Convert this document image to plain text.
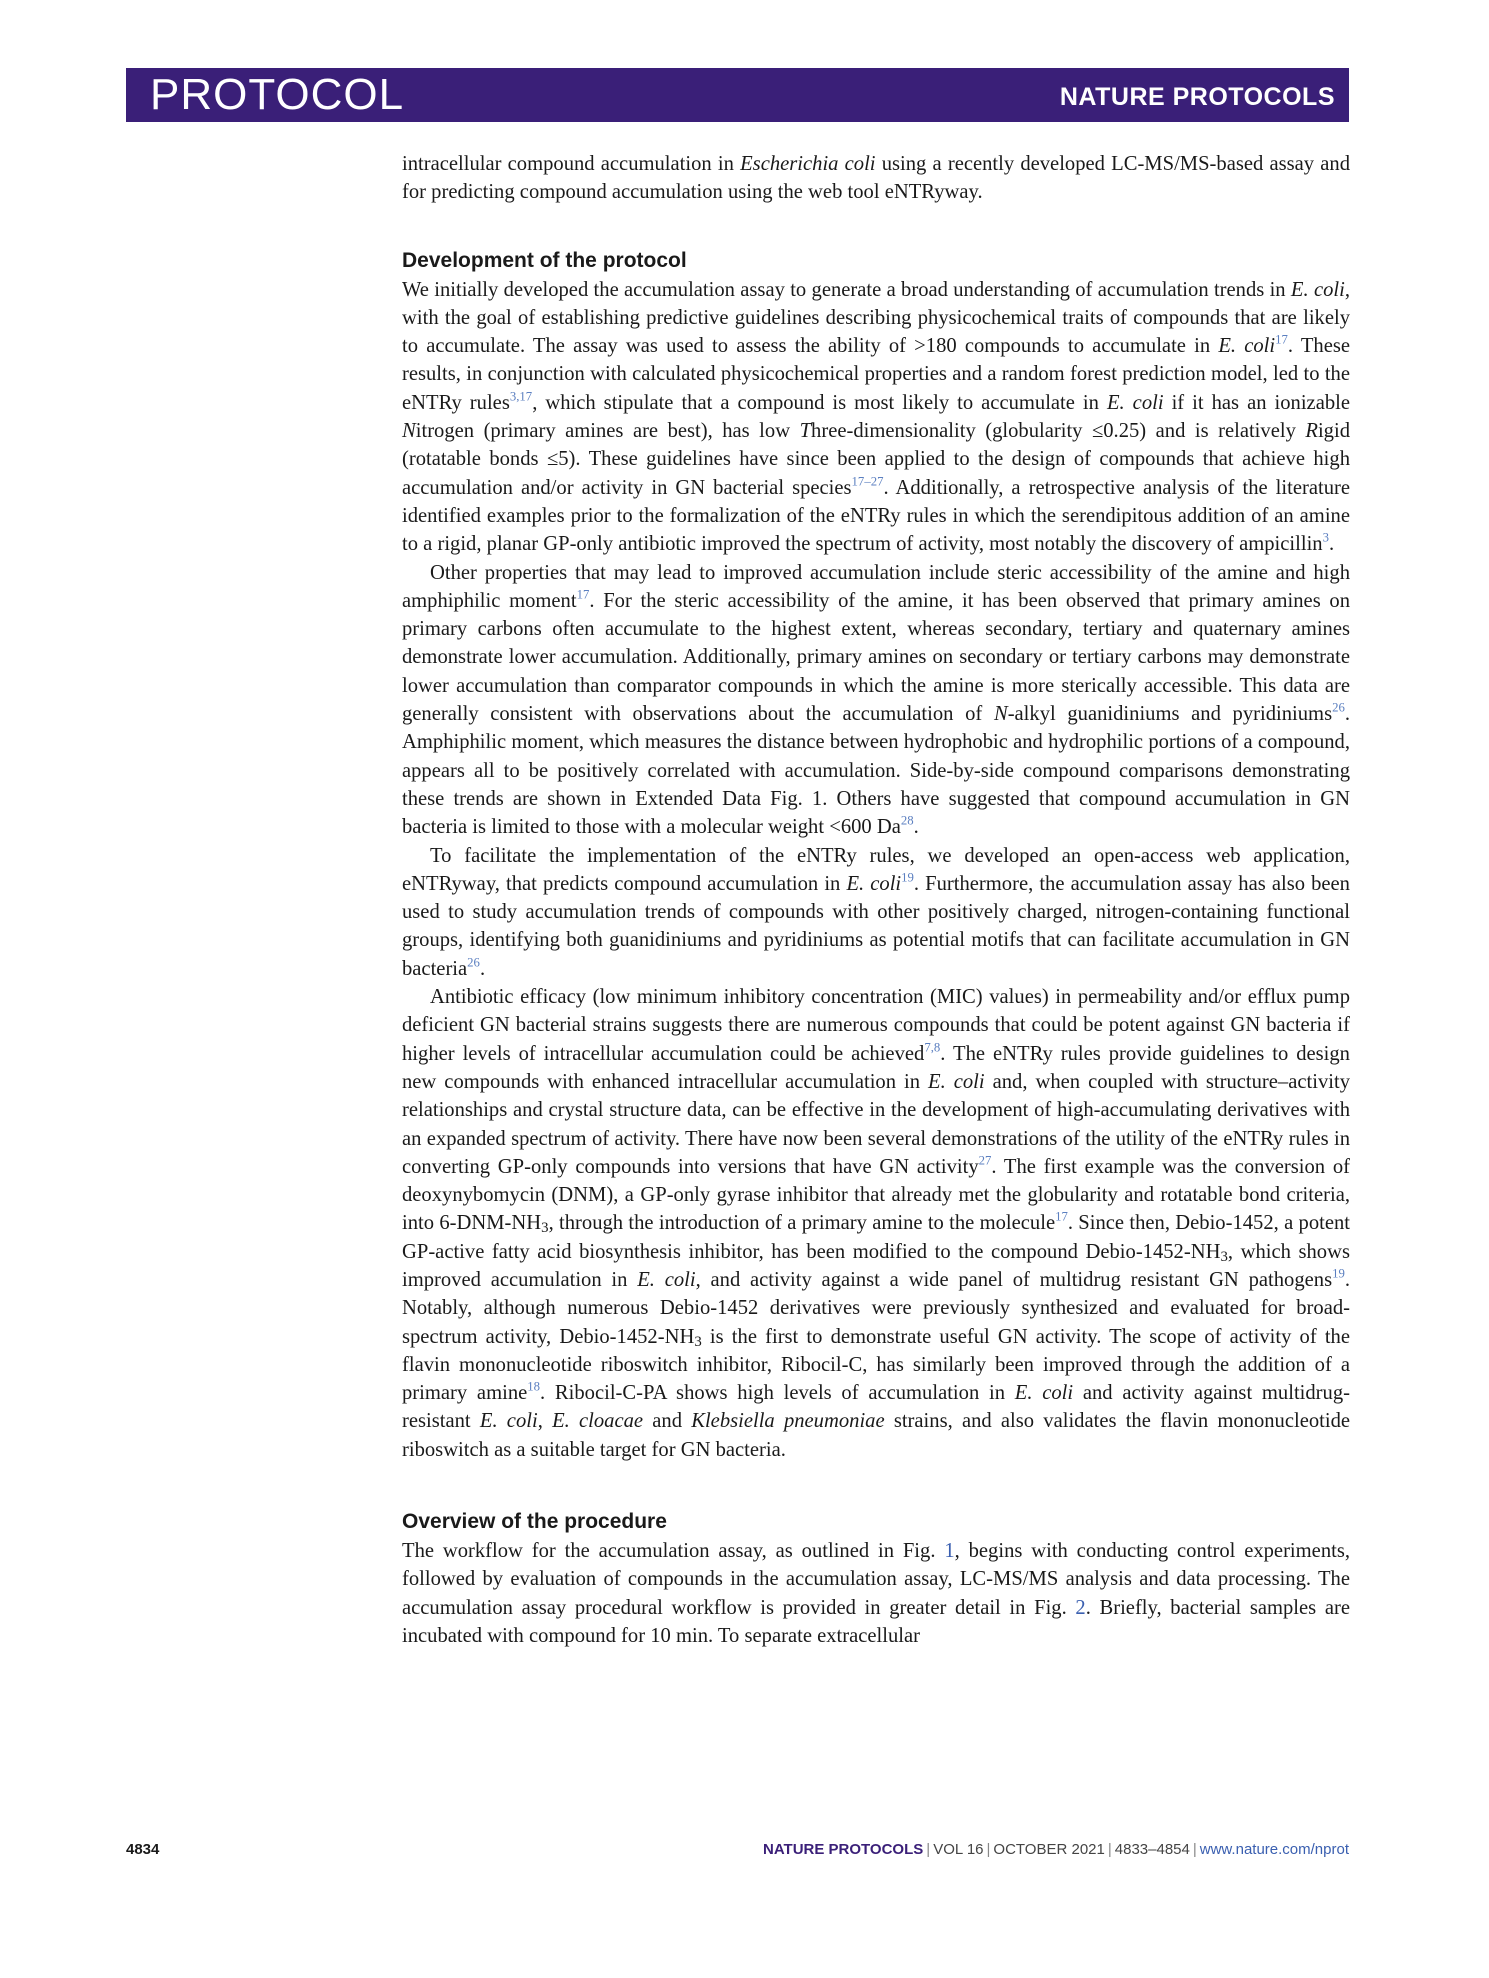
PROTOCOL	NATURE PROTOCOLS

intracellular compound accumulation in Escherichia coli using a recently developed LC-MS/MS-based assay and for predicting compound accumulation using the web tool eNTRyway.

Development of the protocol

We initially developed the accumulation assay to generate a broad understanding of accumulation trends in E. coli, with the goal of establishing predictive guidelines describing physicochemical traits of compounds that are likely to accumulate. The assay was used to assess the ability of >180 compounds to accumulate in E. coli$^{17}$. These results, in conjunction with calculated physicochemical properties and a random forest prediction model, led to the eNTRy rules$^{3,17}$, which stipulate that a compound is most likely to accumulate in E. coli if it has an ionizable Nitrogen (primary amines are best), has low Three-dimensionality (globularity ≤0.25) and is relatively Rigid (rotatable bonds ≤5). These guidelines have since been applied to the design of compounds that achieve high accumulation and/or activity in GN bacterial species$^{17-27}$. Additionally, a retrospective analysis of the literature identified examples prior to the formalization of the eNTRy rules in which the serendipitous addition of an amine to a rigid, planar GP-only antibiotic improved the spectrum of activity, most notably the discovery of ampicillin$^3$.

Other properties that may lead to improved accumulation include steric accessibility of the amine and high amphiphilic moment$^{17}$. For the steric accessibility of the amine, it has been observed that primary amines on primary carbons often accumulate to the highest extent, whereas secondary, tertiary and quaternary amines demonstrate lower accumulation. Additionally, primary amines on secondary or tertiary carbons may demonstrate lower accumulation than comparator compounds in which the amine is more sterically accessible. This data are generally consistent with observations about the accumulation of N-alkyl guanidiniums and pyridiniums$^{26}$. Amphiphilic moment, which measures the distance between hydrophobic and hydrophilic portions of a compound, appears all to be positively correlated with accumulation. Side-by-side compound comparisons demonstrating these trends are shown in Extended Data Fig. 1. Others have suggested that compound accumulation in GN bacteria is limited to those with a molecular weight <600 Da$^{28}$.

To facilitate the implementation of the eNTRy rules, we developed an open-access web application, eNTRyway, that predicts compound accumulation in E. coli$^{19}$. Furthermore, the accumulation assay has also been used to study accumulation trends of compounds with other positively charged, nitrogen-containing functional groups, identifying both guanidiniums and pyridiniums as potential motifs that can facilitate accumulation in GN bacteria$^{26}$.

Antibiotic efficacy (low minimum inhibitory concentration (MIC) values) in permeability and/or efflux pump deficient GN bacterial strains suggests there are numerous compounds that could be potent against GN bacteria if higher levels of intracellular accumulation could be achieved$^{7,8}$. The eNTRy rules provide guidelines to design new compounds with enhanced intracellular accumulation in E. coli and, when coupled with structure–activity relationships and crystal structure data, can be effective in the development of high-accumulating derivatives with an expanded spectrum of activity. There have now been several demonstrations of the utility of the eNTRy rules in converting GP-only compounds into versions that have GN activity$^{27}$. The first example was the conversion of deoxynybomycin (DNM), a GP-only gyrase inhibitor that already met the globularity and rotatable bond criteria, into $6-DNM-NH_3$, through the introduction of a primary amine to the molecule$^{17}$. Since then, Debio-1452, a potent GP-active fatty acid biosynthesis inhibitor, has been modified to the compound Debio-$1452-NH_3$, which shows improved accumulation in E. coli, and activity against a wide panel of multidrug resistant GN pathogens$^{19}$. Notably, although numerous Debio-1452 derivatives were previously synthesized and evaluated for broad-spectrum activity, Debio-$1452-NH_3$ is the first to demonstrate useful GN activity. The scope of activity of the flavin mononucleotide riboswitch inhibitor, Ribocil-C, has similarly been improved through the addition of a primary amine$^{18}$. Ribocil-C-PA shows high levels of accumulation in E. coli and activity against multidrug-resistant E. coli, E. cloacae and Klebsiella pneumoniae strains, and also validates the flavin mononucleotide riboswitch as a suitable target for GN bacteria.

Overview of the procedure

The workflow for the accumulation assay, as outlined in Fig. 1, begins with conducting control experiments, followed by evaluation of compounds in the accumulation assay, LC-MS/MS analysis and data processing. The accumulation assay procedural workflow is provided in greater detail in Fig. 2. Briefly, bacterial samples are incubated with compound for 10 min. To separate extracellular

4834	NATURE PROTOCOLS | VOL 16 | OCTOBER 2021 | 4833–4854 | www.nature.com/nprot
